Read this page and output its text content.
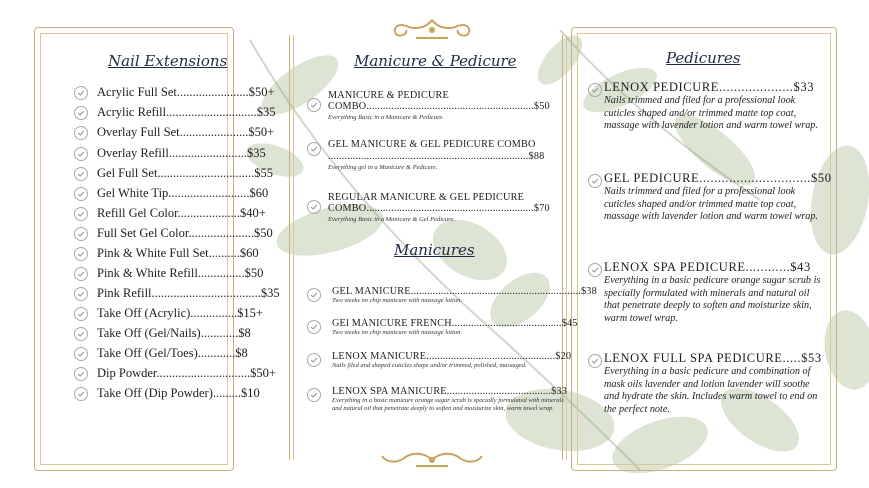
Nail Extensions
Acrylic Full Set.......................$50+
Acrylic Refill.............................$35
Overlay Full Set......................$50+
Overlay Refill.........................$35
Gel Full Set...............................$55
Gel White Tip..........................$60
Refill Gel Color....................$40+
Full Set Gel Color.....................$50
Pink & White Full Set..........$60
Pink & White Refill...............$50
Pink Refill...................................$35
Take Off (Acrylic)...............$15+
Take Off (Gel/Nails)............$8
Take Off (Gel/Toes)............$8
Dip Powder..............................$50+
Take Off (Dip Powder).........$10
Manicure & Pedicure
MANICURE & PEDICURE
COMBO.............................................................$50
Everything Basic in a Manicure & Pedicure.
GEL MANICURE & GEL PEDICURE COMBO
.........................................................................$88
Everything gel in a Manicure & Pedicure.
REGULAR MANICURE & GEL PEDICURE
COMBO.............................................................$70
Everything Basic in a Manicure & Gel Pedicure.
Manicures
GEL MANICURE..............................................................$38
Two weeks no chip manicure with massage lotion.
GEl MANICURE FRENCH........................................$45
Two weeks no chip manicure with massage lotion.
LENOX MANICURE...............................................$20
Nails filed and shaped cuticles shape and/or trimmed, polished, massaged.
LENOX SPA MANICURE......................................$33
Everything in a basic manicure orange sugar scrub is specially formulated with minerals and natural oil that penetrate deeply to soften and moisturize skin, warm towel wrap.
Pedicures
LENOX PEDICURE....................$33
Nails trimmed and filed for a professional look cuticles shaped and/or trimmed matte top coat, massage with lavender lotion and warm towel wrap.
GEL PEDICURE..............................$50
Nails trimmed and filed for a professional look cuticles shaped and/or trimmed matte top coat, massage with lavender lotion and warm towel wrap.
LENOX SPA PEDICURE............$43
Everything in a basic pedicure orange sugar scrub is specially formulated with minerals and natural oil that penetrate deeply to soften and moisturize skin, warm towel wrap.
LENOX FULL SPA PEDICURE.....$53
Everything in a basic pedicure and combination of mask oils lavender and lotion lavender will soothe and hydrate the skin. Includes warm towel to end on the perfect note.
